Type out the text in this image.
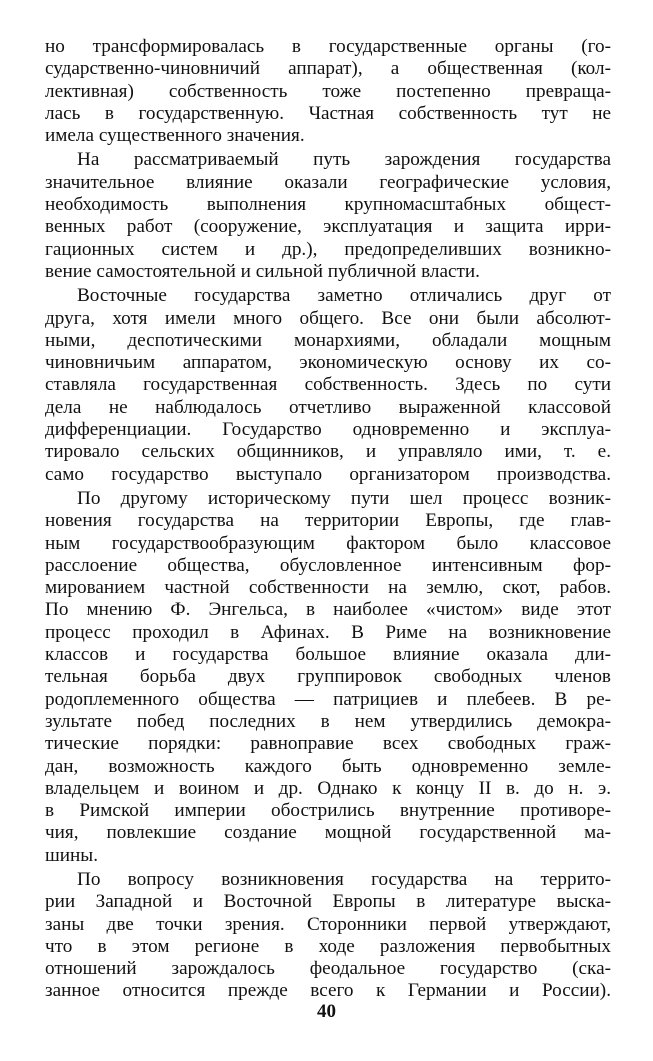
но трансформировалась в государственные органы (го-
сударственно-чиновничий аппарат), а общественная (кол-
лективная) собственность тоже постепенно превраща-
лась в государственную. Частная собственность тут не
имела существенного значения.
На рассматриваемый путь зарождения государства
значительное влияние оказали географические условия,
необходимость выполнения крупномасштабных общест-
венных работ (сооружение, эксплуатация и защита ирри-
гационных систем и др.), предопределивших возникно-
вение самостоятельной и сильной публичной власти.
Восточные государства заметно отличались друг от
друга, хотя имели много общего. Все они были абсолют-
ными, деспотическими монархиями, обладали мощным
чиновничьим аппаратом, экономическую основу их со-
ставляла государственная собственность. Здесь по сути
дела не наблюдалось отчетливо выраженной классовой
дифференциации. Государство одновременно и эксплуа-
тировало сельских общинников, и управляло ими, т. е.
само государство выступало организатором производства.
По другому историческому пути шел процесс возник-
новения государства на территории Европы, где глав-
ным государствообразующим фактором было классовое
расслоение общества, обусловленное интенсивным фор-
мированием частной собственности на землю, скот, рабов.
По мнению Ф. Энгельса, в наиболее «чистом» виде этот
процесс проходил в Афинах. В Риме на возникновение
классов и государства большое влияние оказала дли-
тельная борьба двух группировок свободных членов
родоплеменного общества — патрициев и плебеев. В ре-
зультате побед последних в нем утвердились демокра-
тические порядки: равноправие всех свободных граж-
дан, возможность каждого быть одновременно земле-
владельцем и воином и др. Однако к концу II в. до н. э.
в Римской империи обострились внутренние противоре-
чия, повлекшие создание мощной государственной ма-
шины.
По вопросу возникновения государства на террито-
рии Западной и Восточной Европы в литературе выска-
заны две точки зрения. Сторонники первой утверждают,
что в этом регионе в ходе разложения первобытных
отношений зарождалось феодальное государство (ска-
занное относится прежде всего к Германии и России).
40
